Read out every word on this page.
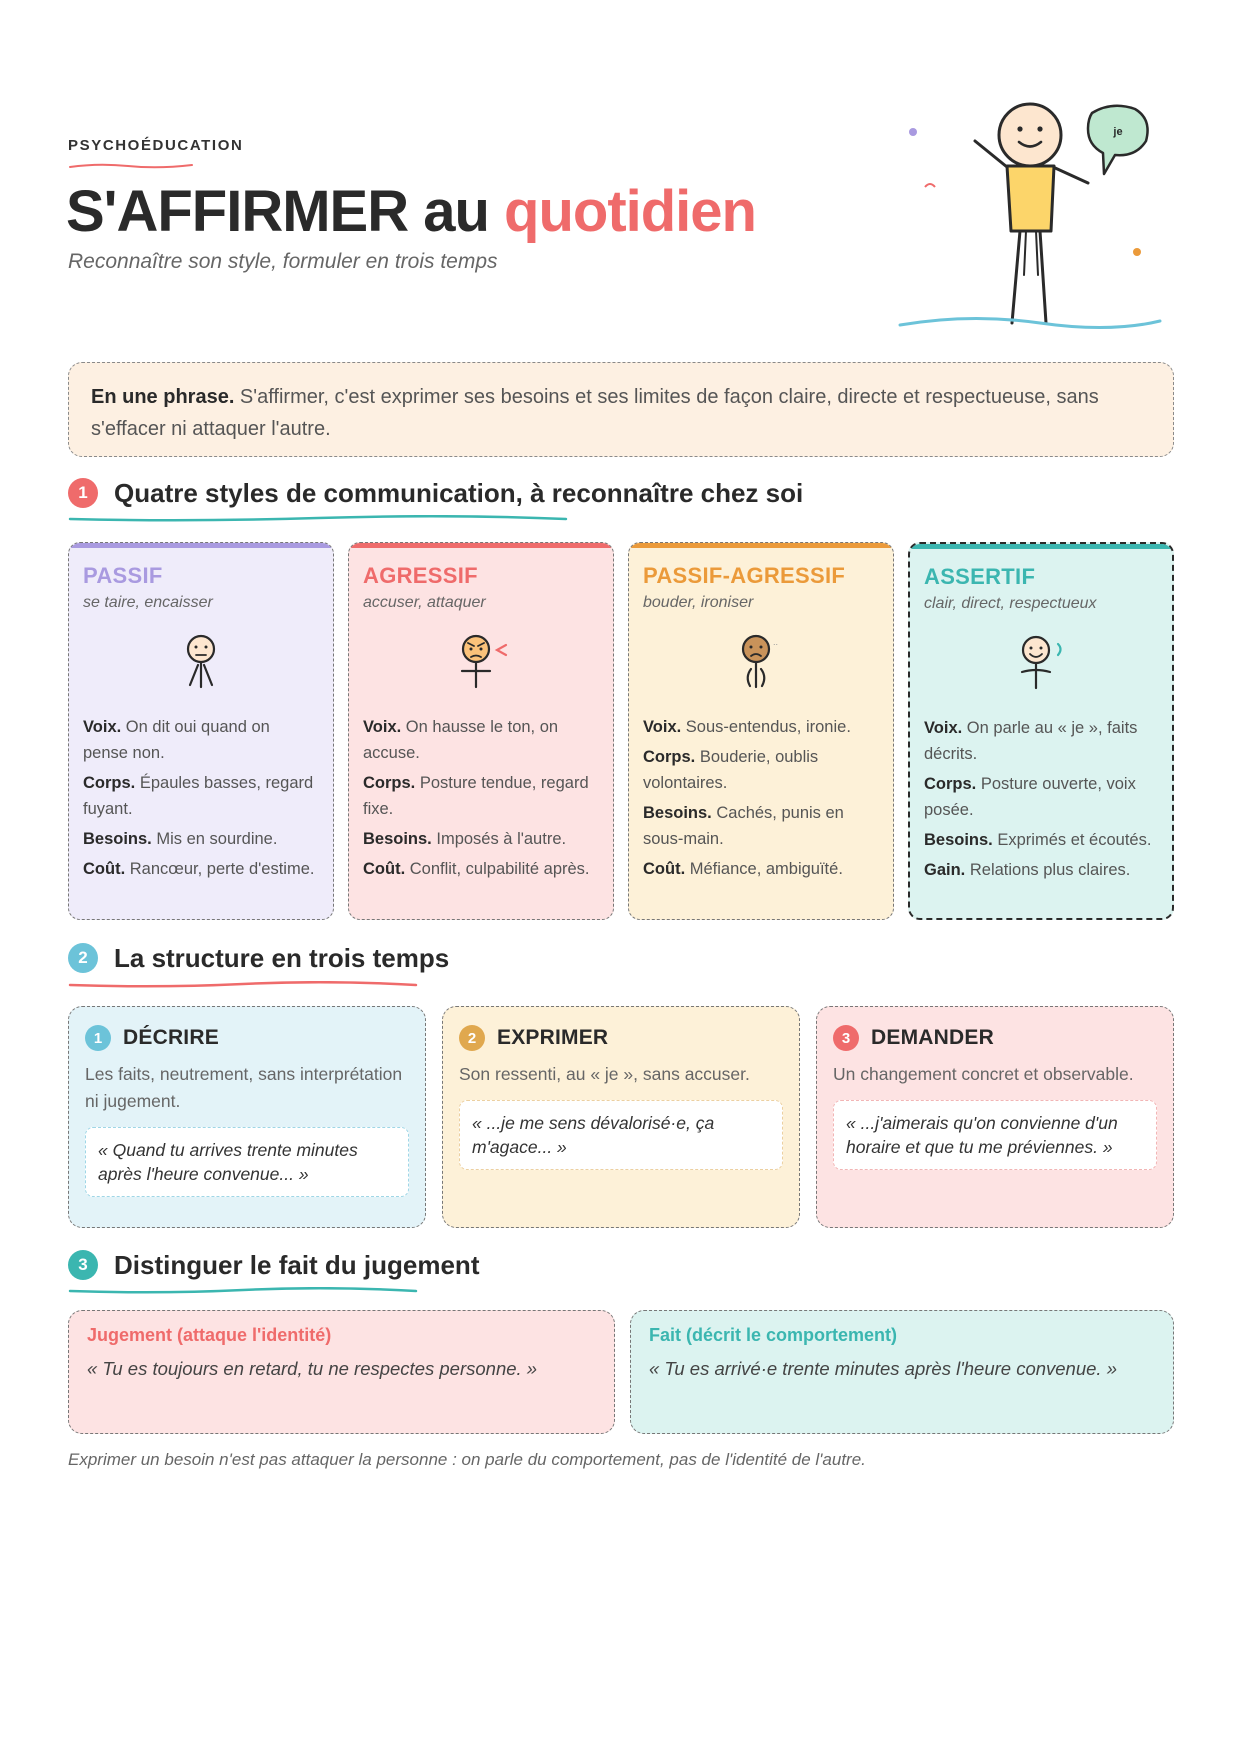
PSYCHOÉDUCATION
S'AFFIRMER au quotidien
Reconnaître son style, formuler en trois temps
je
En une phrase. S'affirmer, c'est exprimer ses besoins et ses limites de façon claire, directe et respectueuse, sans s'effacer ni attaquer l'autre.
1	Quatre styles de communication, à reconnaître chez soi
PASSIF
se taire, encaisser
Voix. On dit oui quand on pense non.
Corps. Épaules basses, regard fuyant.
Besoins. Mis en sourdine.
Coût. Rancœur, perte d'estime.
AGRESSIF
accuser, attaquer
Voix. On hausse le ton, on accuse.
Corps. Posture tendue, regard fixe.
Besoins. Imposés à l'autre.
Coût. Conflit, culpabilité après.
PASSIF-AGRESSIF
bouder, ironiser
..
Voix. Sous-entendus, ironie.
Corps. Bouderie, oublis volontaires.
Besoins. Cachés, punis en sous-main.
Coût. Méfiance, ambiguïté.
ASSERTIF
clair, direct, respectueux
Voix. On parle au « je », faits décrits.
Corps. Posture ouverte, voix posée.
Besoins. Exprimés et écoutés.
Gain. Relations plus claires.
2	La structure en trois temps
1 DÉCRIRE
Les faits, neutrement, sans interprétation ni jugement.
« Quand tu arrives trente minutes après l'heure convenue... »
2 EXPRIMER
Son ressenti, au « je », sans accuser.
« ...je me sens dévalorisé·e, ça m'agace... »
3 DEMANDER
Un changement concret et observable.
« ...j'aimerais qu'on convienne d'un horaire et que tu me préviennes. »
3	Distinguer le fait du jugement
Jugement (attaque l'identité)
« Tu es toujours en retard, tu ne respectes personne. »
Fait (décrit le comportement)
« Tu es arrivé·e trente minutes après l'heure convenue. »
Exprimer un besoin n'est pas attaquer la personne : on parle du comportement, pas de l'identité de l'autre.
